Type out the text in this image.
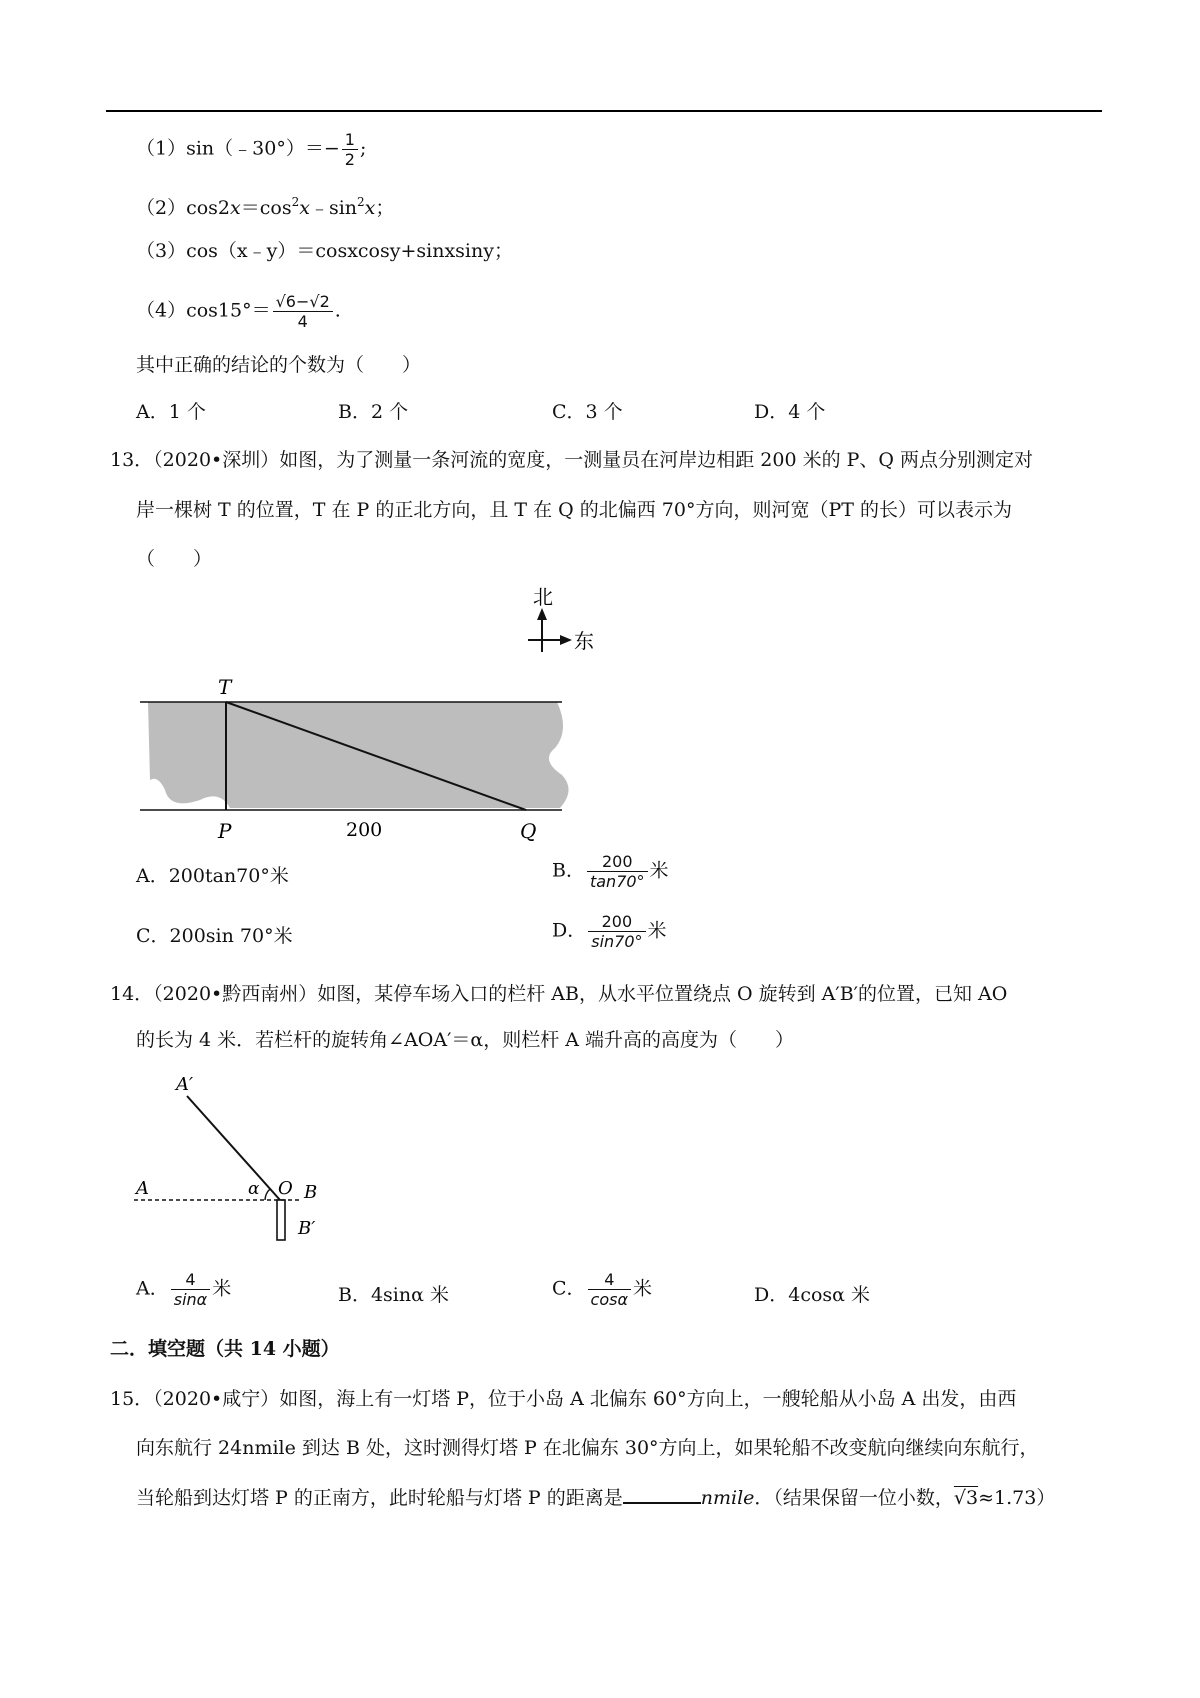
（1）sin（﹣30°）＝− $\frac{1}{2}$ ;
$(2)\cos 2x=\cos^2x﹣\sin^2x$；
（3）cos（x﹣y）＝cosxcosy+sinxsiny；
$(4)\cos 15^\circ= \frac{√6-√2}{4}$ .
其中正确的结论的个数为（　　）
A．1 个	B．2 个	C．3 个	D．4 个
13．（2020•深圳）如图，为了测量一条河流的宽度，一测量员在河岸边相距 200 米的 P、Q 两点分别测定对
岸一棵树 T 的位置，T 在 P 的正北方向，且 T 在 Q 的北偏西 70°方向，则河宽（PT 的长）可以表示为
（　　）
北
东
T
P	Q
200
A．200tan70°米	B． $\frac{200}{\tan 70^\circ}$ 米
C．200sin 70°米	D． $\frac{200}{\sin 70^\circ}$ 米
14．（2020•黔西南州）如图，某停车场入口的栏杆 AB，从水平位置绕点 O 旋转到 A′B′的位置，已知 AO
的长为 4 米．若栏杆的旋转角∠AOA′＝α，则栏杆 A 端升高的高度为（　　）
A′
A	α O B
B′
A． $\frac{4}{\sin\alpha}$ 米	B．4sinα 米	C． $\frac{4}{\cos\alpha}$ 米	D．4cosα 米
二．填空题（共 14 小题）
15．（2020•咸宁）如图，海上有一灯塔 P，位于小岛 A 北偏东 60°方向上，一艘轮船从小岛 A 出发，由西
向东航行 24nmile 到达 B 处，这时测得灯塔 P 在北偏东 30°方向上，如果轮船不改变航向继续向东航行，
当轮船到达灯塔 P 的正南方，此时轮船与灯塔 P 的距离是	nmile．（结果保留一位小数，√3≈1.73）
